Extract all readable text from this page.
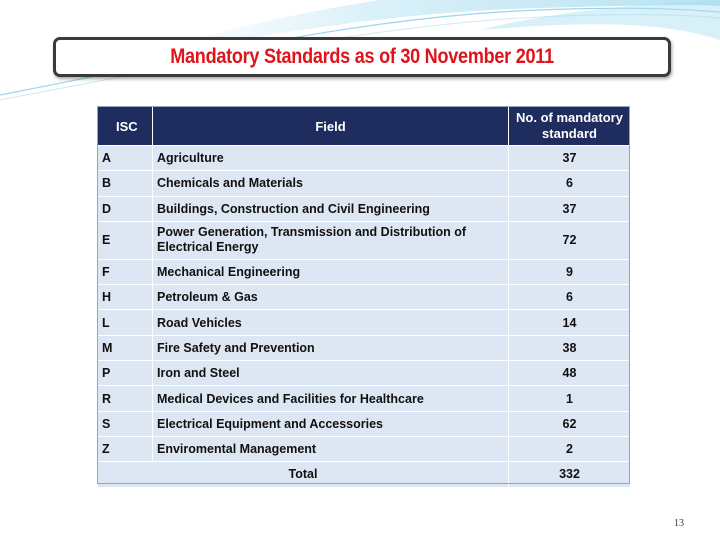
Mandatory Standards as of 30 November 2011
ISC	Field	No. of mandatory standard
A	Agriculture	37
B	Chemicals and Materials	6
D	Buildings, Construction and Civil Engineering	37
E	Power Generation, Transmission and Distribution of Electrical Energy	72
F	Mechanical Engineering	9
H	Petroleum & Gas	6
L	Road Vehicles	14
M	Fire Safety and Prevention	38
P	Iron and Steel	48
R	Medical Devices and Facilities for Healthcare	1
S	Electrical Equipment and Accessories	62
Z	Enviromental Management	2
Total		332
13
